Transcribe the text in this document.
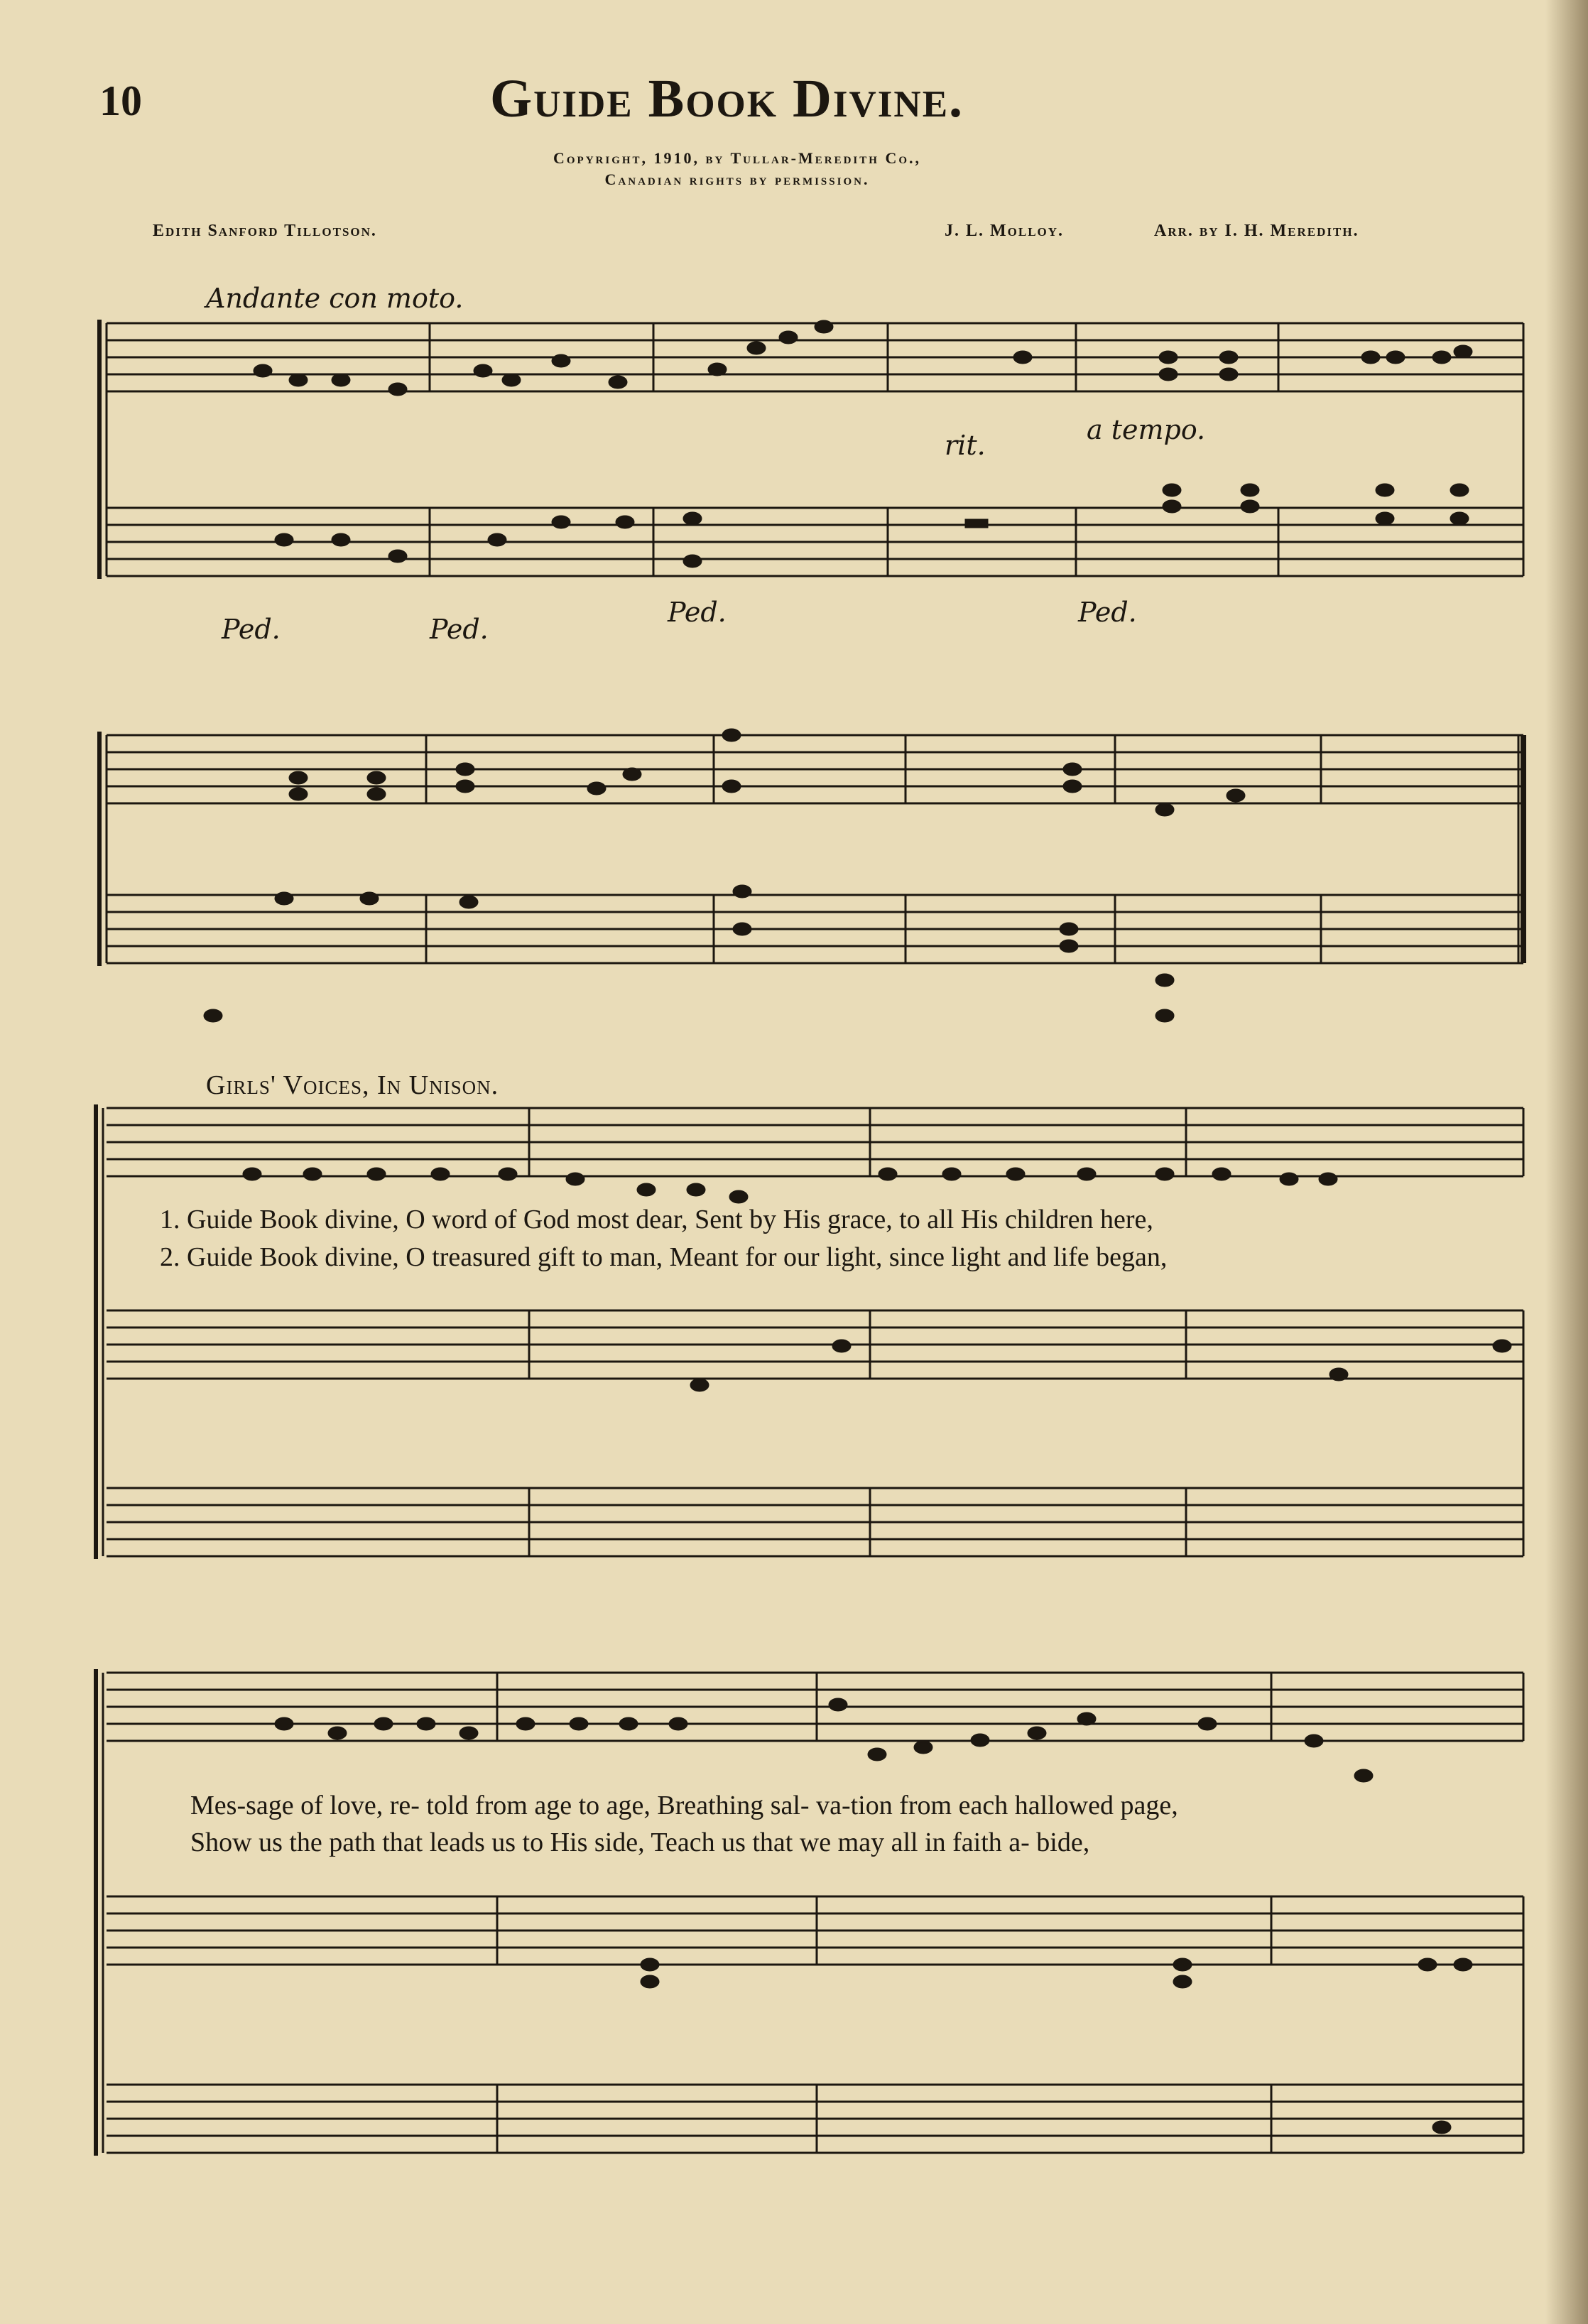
10	Guide Book Divine.
Copyright, 1910, by Tullar-Meredith Co.,
Canadian rights by permission.
Edith Sanford Tillotson.	J. L. Molloy.	Arr. by I. H. Meredith.
Andante con moto.
rit.	a tempo.
Ped.	Ped.
Ped.	Ped.
Girls' Voices, In Unison.
1. Guide Book divine, O word of God most dear, Sent by His grace, to all His children here,
2. Guide Book divine, O treasured gift to man, Meant for our light, since light and life began,
Mes-sage of love, re- told from age to age, Breathing sal- va-tion from each hallowed page,
Show us the path that leads us to His side, Teach us that we may all in faith a- bide,
